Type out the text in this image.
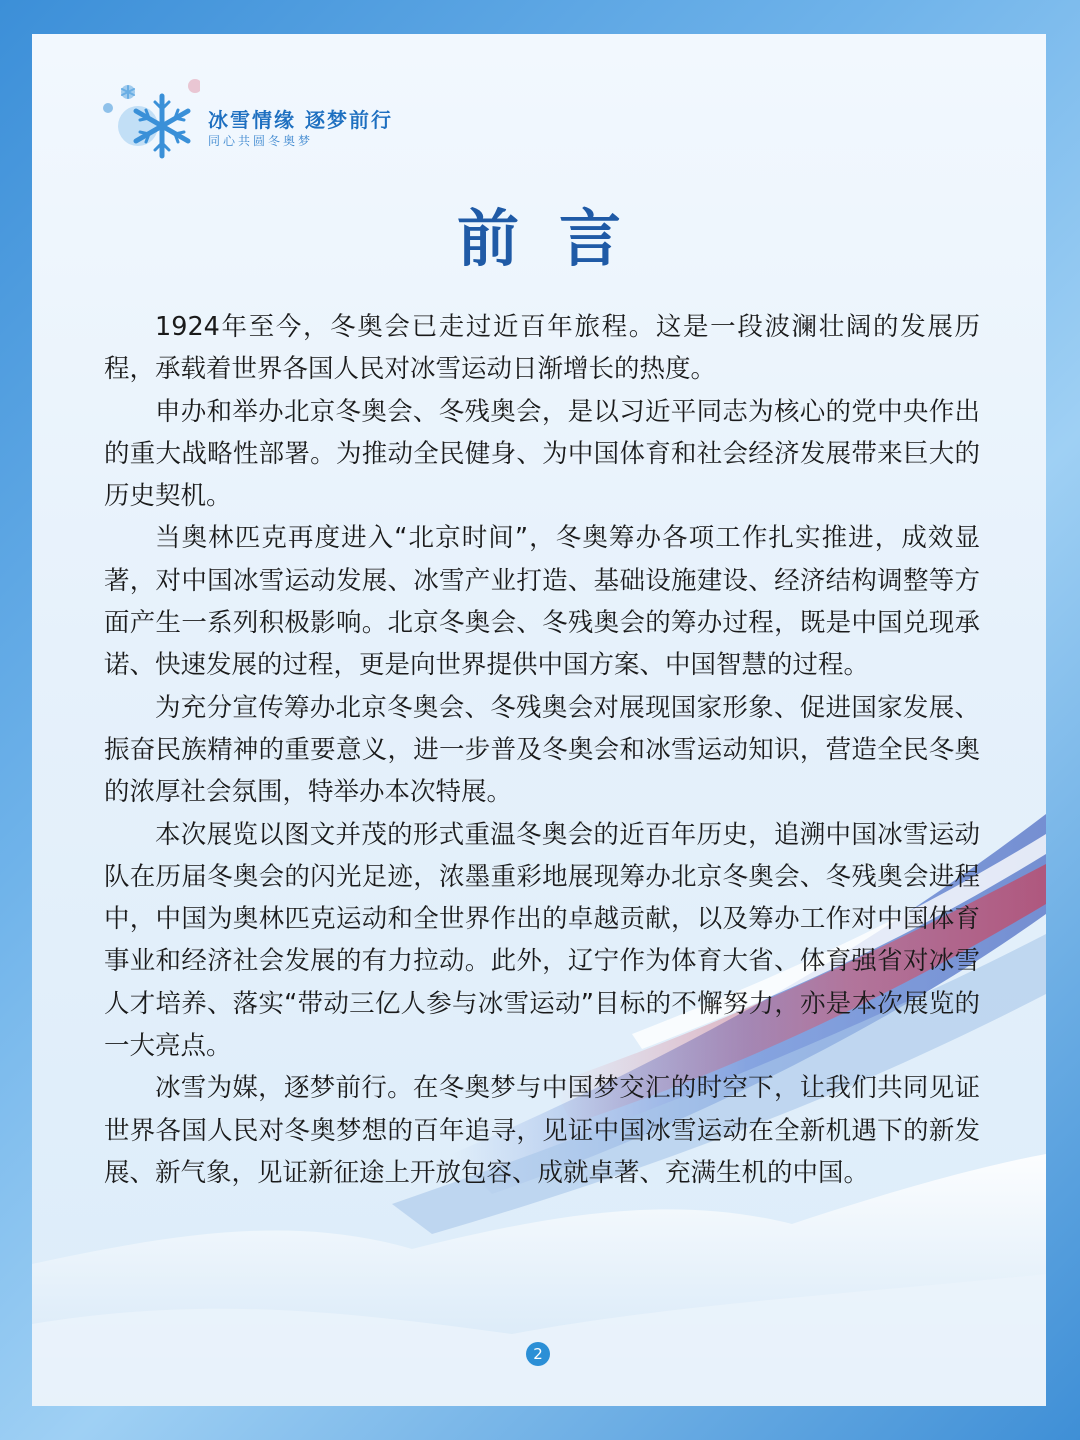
冰雪情缘 逐梦前行
同心共圆冬奥梦
前言

1924年至今，冬奥会已走过近百年旅程。这是一段波澜壮阔的发展历程，承载着世界各国人民对冰雪运动日渐增长的热度。

申办和举办北京冬奥会、冬残奥会，是以习近平同志为核心的党中央作出的重大战略性部署。为推动全民健身、为中国体育和社会经济发展带来巨大的历史契机。

当奥林匹克再度进入“北京时间”，冬奥筹办各项工作扎实推进，成效显著，对中国冰雪运动发展、冰雪产业打造、基础设施建设、经济结构调整等方面产生一系列积极影响。北京冬奥会、冬残奥会的筹办过程，既是中国兑现承诺、快速发展的过程，更是向世界提供中国方案、中国智慧的过程。

为充分宣传筹办北京冬奥会、冬残奥会对展现国家形象、促进国家发展、振奋民族精神的重要意义，进一步普及冬奥会和冰雪运动知识，营造全民冬奥的浓厚社会氛围，特举办本次特展。

本次展览以图文并茂的形式重温冬奥会的近百年历史，追溯中国冰雪运动队在历届冬奥会的闪光足迹，浓墨重彩地展现筹办北京冬奥会、冬残奥会进程中，中国为奥林匹克运动和全世界作出的卓越贡献，以及筹办工作对中国体育事业和经济社会发展的有力拉动。此外，辽宁作为体育大省、体育强省对冰雪人才培养、落实“带动三亿人参与冰雪运动”目标的不懈努力，亦是本次展览的一大亮点。

冰雪为媒，逐梦前行。在冬奥梦与中国梦交汇的时空下，让我们共同见证世界各国人民对冬奥梦想的百年追寻，见证中国冰雪运动在全新机遇下的新发展、新气象，见证新征途上开放包容、成就卓著、充满生机的中国。

2
